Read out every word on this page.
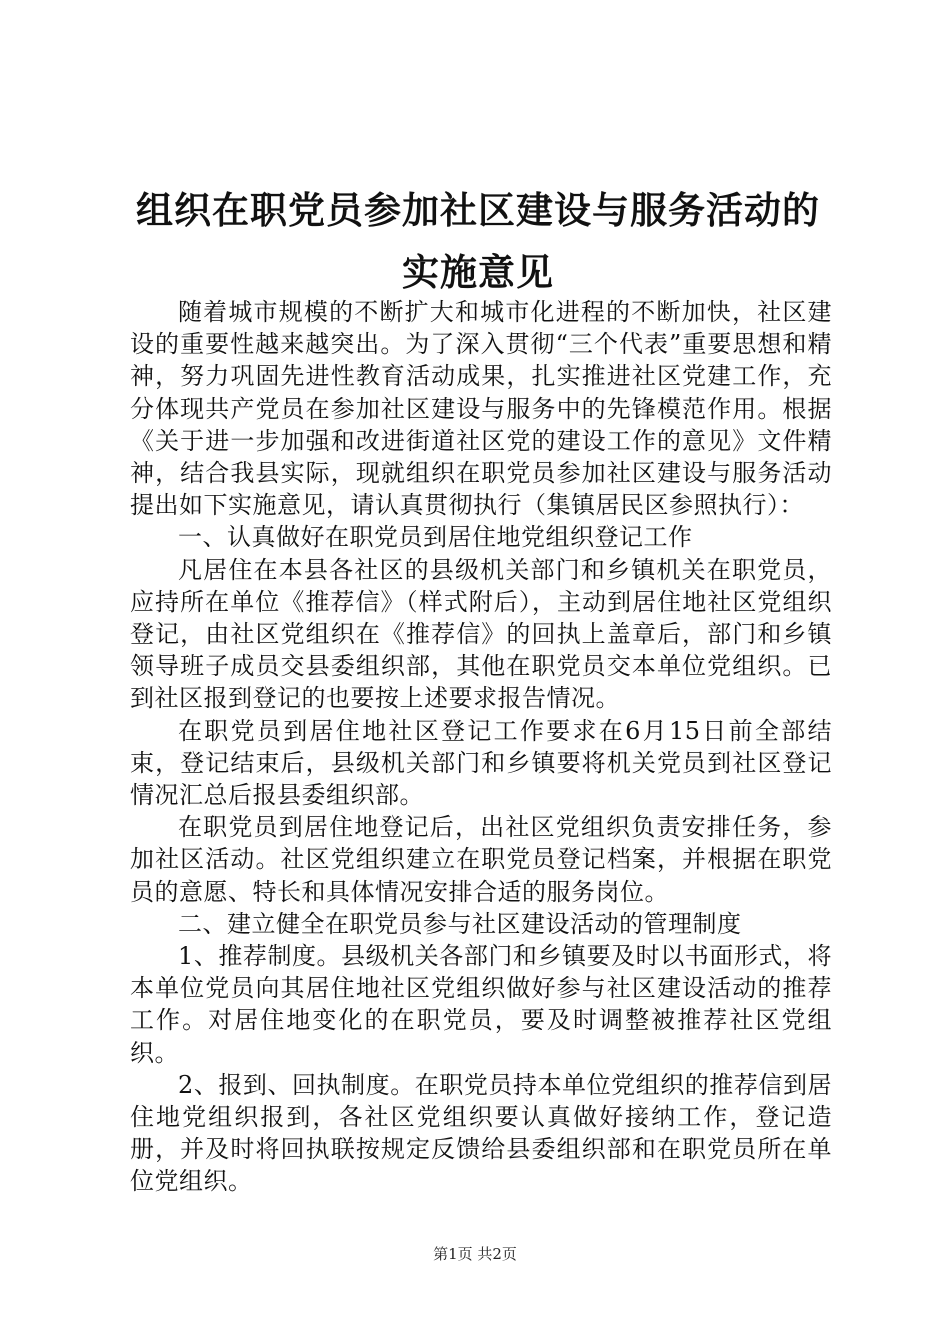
组织在职党员参加社区建设与服务活动的实施意见

随着城市规模的不断扩大和城市化进程的不断加快，社区建设的重要性越来越突出。为了深入贯彻“三个代表”重要思想和精神，努力巩固先进性教育活动成果，扎实推进社区党建工作，充分体现共产党员在参加社区建设与服务中的先锋模范作用。根据《关于进一步加强和改进街道社区党的建设工作的意见》文件精神，结合我县实际，现就组织在职党员参加社区建设与服务活动提出如下实施意见，请认真贯彻执行（集镇居民区参照执行）：

一、认真做好在职党员到居住地党组织登记工作

凡居住在本县各社区的县级机关部门和乡镇机关在职党员，应持所在单位《推荐信》（样式附后），主动到居住地社区党组织登记，由社区党组织在《推荐信》的回执上盖章后，部门和乡镇领导班子成员交县委组织部，其他在职党员交本单位党组织。已到社区报到登记的也要按上述要求报告情况。

在职党员到居住地社区登记工作要求在6月15日前全部结束，登记结束后，县级机关部门和乡镇要将机关党员到社区登记情况汇总后报县委组织部。

在职党员到居住地登记后，出社区党组织负责安排任务，参加社区活动。社区党组织建立在职党员登记档案，并根据在职党员的意愿、特长和具体情况安排合适的服务岗位。

二、建立健全在职党员参与社区建设活动的管理制度

1、推荐制度。县级机关各部门和乡镇要及时以书面形式，将本单位党员向其居住地社区党组织做好参与社区建设活动的推荐工作。对居住地变化的在职党员，要及时调整被推荐社区党组织。

2、报到、回执制度。在职党员持本单位党组织的推荐信到居住地党组织报到，各社区党组织要认真做好接纳工作，登记造册，并及时将回执联按规定反馈给县委组织部和在职党员所在单位党组织。

第1页 共2页
